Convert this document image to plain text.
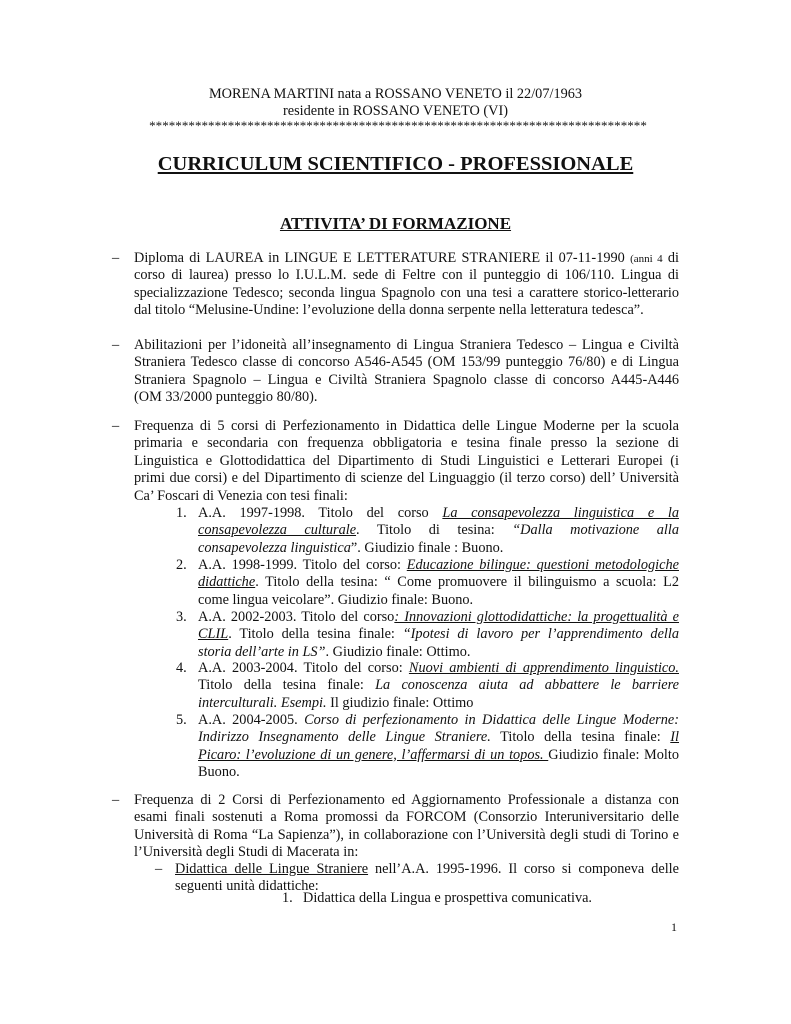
MORENA MARTINI nata a ROSSANO VENETO il 22/07/1963
residente in ROSSANO VENETO (VI)
****************************************************************************
CURRICULUM SCIENTIFICO - PROFESSIONALE
ATTIVITA’ DI FORMAZIONE
– Diploma di LAUREA in LINGUE E LETTERATURE STRANIERE il 07-11-1990 (anni 4 di
corso di laurea) presso lo I.U.L.M. sede di Feltre con il punteggio di 106/110. Lingua di
specializzazione Tedesco; seconda lingua Spagnolo con una tesi a carattere storico-letterario
dal titolo “Melusine-Undine: l’evoluzione della donna serpente nella letteratura tedesca”.
– Abilitazioni per l’idoneità all’insegnamento di Lingua Straniera Tedesco – Lingua e Civiltà
Straniera Tedesco classe di concorso A546-A545 (OM 153/99 punteggio 76/80) e di Lingua
Straniera Spagnolo – Lingua e Civiltà Straniera Spagnolo classe di concorso A445-A446
(OM 33/2000 punteggio 80/80).
– Frequenza di 5 corsi di Perfezionamento in Didattica delle Lingue Moderne per la scuola
primaria e secondaria con frequenza obbligatoria e tesina finale presso la sezione di
Linguistica e Glottodidattica del Dipartimento di Studi Linguistici e Letterari Europei (i
primi due corsi) e del Dipartimento di scienze del Linguaggio (il terzo corso) dell’ Università
Ca’ Foscari di Venezia con tesi finali:
1. A.A. 1997-1998. Titolo del corso La consapevolezza linguistica e la
consapevolezza culturale. Titolo di tesina: “Dalla motivazione alla
consapevolezza linguistica”. Giudizio finale : Buono.
2. A.A. 1998-1999. Titolo del corso: Educazione bilingue: questioni metodologiche
didattiche. Titolo della tesina: “ Come promuovere il bilinguismo a scuola: L2
come lingua veicolare”. Giudizio finale: Buono.
3. A.A. 2002-2003. Titolo del corso: Innovazioni glottodidattiche: la progettualità e
CLIL. Titolo della tesina finale: “Ipotesi di lavoro per l’apprendimento della
storia dell’arte in LS”. Giudizio finale: Ottimo.
4. A.A. 2003-2004. Titolo del corso: Nuovi ambienti di apprendimento linguistico.
Titolo della tesina finale: La conoscenza aiuta ad abbattere le barriere
interculturali. Esempi. Il giudizio finale: Ottimo
5. A.A. 2004-2005. Corso di perfezionamento in Didattica delle Lingue Moderne:
Indirizzo Insegnamento delle Lingue Straniere. Titolo della tesina finale: Il
Picaro: l’evoluzione di un genere, l’affermarsi di un topos. Giudizio finale: Molto
Buono.
– Frequenza di 2 Corsi di Perfezionamento ed Aggiornamento Professionale a distanza con
esami finali sostenuti a Roma promossi da FORCOM (Consorzio Interuniversitario delle
Università di Roma “La Sapienza”), in collaborazione con l’Università degli studi di Torino e
l’Università degli Studi di Macerata in:
– Didattica delle Lingue Straniere nell’A.A. 1995-1996. Il corso si componeva delle
seguenti unità didattiche:
1. Didattica della Lingua e prospettiva comunicativa.
1
